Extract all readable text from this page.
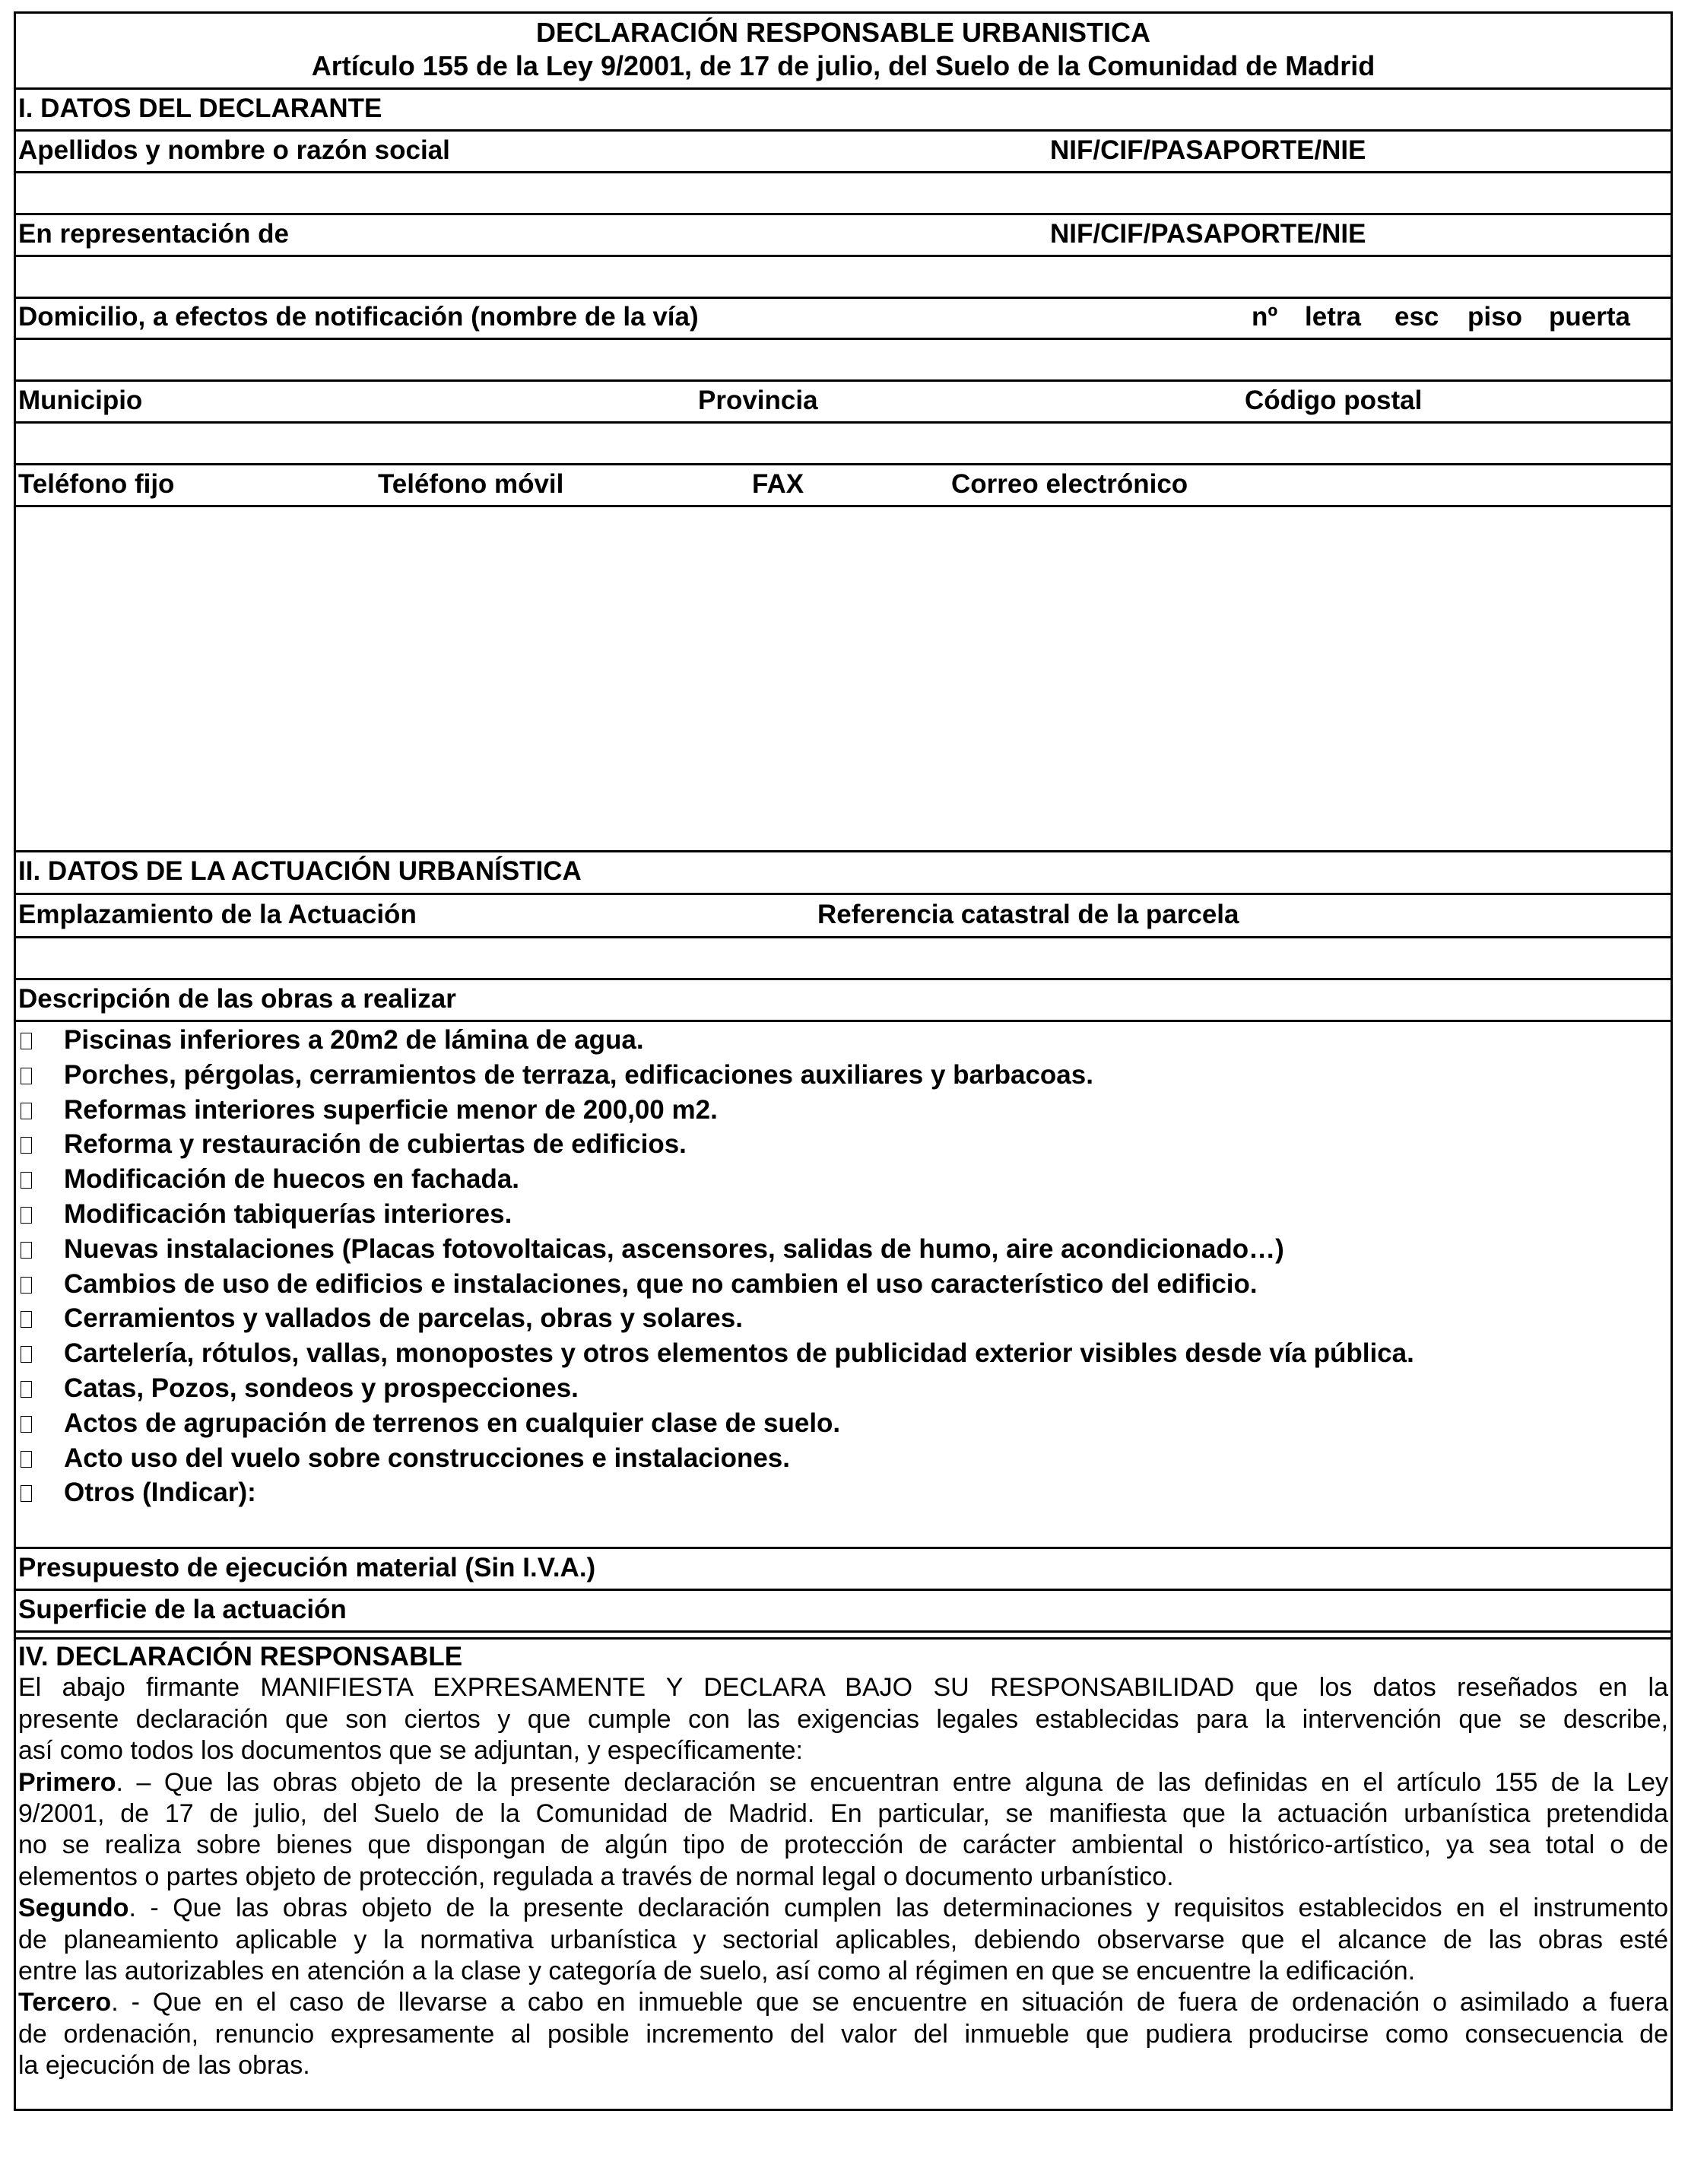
DECLARACIÓN RESPONSABLE URBANISTICA
Artículo 155 de la Ley 9/2001, de 17 de julio, del Suelo de la Comunidad de Madrid
I. DATOS DEL DECLARANTE
Apellidos y nombre o razón social	NIF/CIF/PASAPORTE/NIE
En representación de	NIF/CIF/PASAPORTE/NIE
Domicilio, a efectos de notificación (nombre de la vía)	nº letra esc piso puerta
Municipio	Provincia	Código postal
Teléfono fijo	Teléfono móvil	FAX	Correo electrónico
II. DATOS DE LA ACTUACIÓN URBANÍSTICA
Emplazamiento de la Actuación	Referencia catastral de la parcela
Descripción de las obras a realizar
Piscinas inferiores a 20m2 de lámina de agua.
Porches, pérgolas, cerramientos de terraza, edificaciones auxiliares y barbacoas.
Reformas interiores superficie menor de 200,00 m2.
Reforma y restauración de cubiertas de edificios.
Modificación de huecos en fachada.
Modificación tabiquerías interiores.
Nuevas instalaciones (Placas fotovoltaicas, ascensores, salidas de humo, aire acondicionado…)
Cambios de uso de edificios e instalaciones, que no cambien el uso característico del edificio.
Cerramientos y vallados de parcelas, obras y solares.
Cartelería, rótulos, vallas, monopostes y otros elementos de publicidad exterior visibles desde vía pública.
Catas, Pozos, sondeos y prospecciones.
Actos de agrupación de terrenos en cualquier clase de suelo.
Acto uso del vuelo sobre construcciones e instalaciones.
Otros (Indicar):
Presupuesto de ejecución material (Sin I.V.A.)
Superficie de la actuación
IV. DECLARACIÓN RESPONSABLE
El abajo firmante MANIFIESTA EXPRESAMENTE Y DECLARA BAJO SU RESPONSABILIDAD que los datos reseñados en la
presente declaración que son ciertos y que cumple con las exigencias legales establecidas para la intervención que se describe,
así como todos los documentos que se adjuntan, y específicamente:
Primero. – Que las obras objeto de la presente declaración se encuentran entre alguna de las definidas en el artículo 155 de la Ley
9/2001, de 17 de julio, del Suelo de la Comunidad de Madrid. En particular, se manifiesta que la actuación urbanística pretendida
no se realiza sobre bienes que dispongan de algún tipo de protección de carácter ambiental o histórico-artístico, ya sea total o de
elementos o partes objeto de protección, regulada a través de normal legal o documento urbanístico.
Segundo. - Que las obras objeto de la presente declaración cumplen las determinaciones y requisitos establecidos en el instrumento
de planeamiento aplicable y la normativa urbanística y sectorial aplicables, debiendo observarse que el alcance de las obras esté
entre las autorizables en atención a la clase y categoría de suelo, así como al régimen en que se encuentre la edificación.
Tercero. - Que en el caso de llevarse a cabo en inmueble que se encuentre en situación de fuera de ordenación o asimilado a fuera
de ordenación, renuncio expresamente al posible incremento del valor del inmueble que pudiera producirse como consecuencia de
la ejecución de las obras.
